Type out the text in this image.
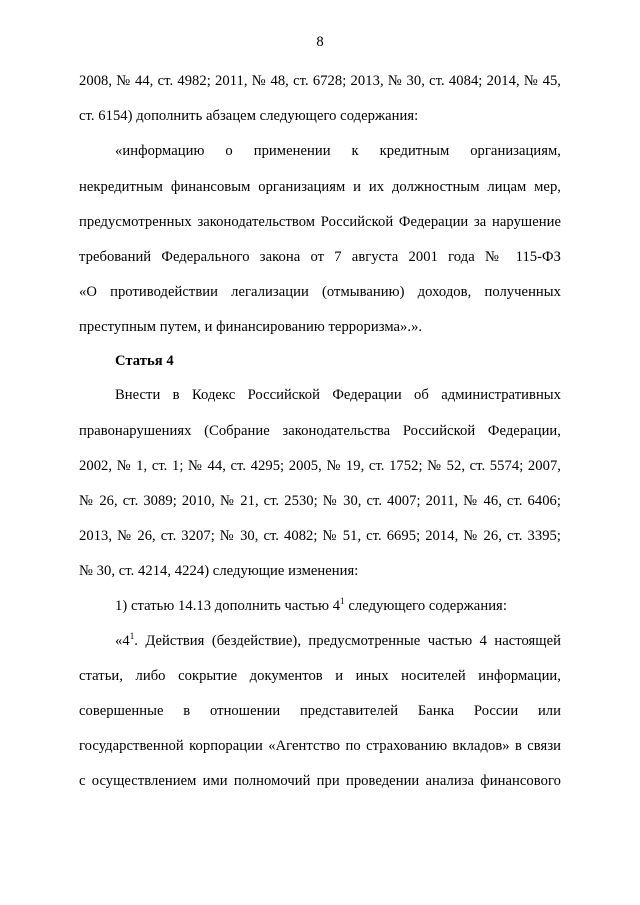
8
2008, № 44, ст. 4982; 2011, № 48, ст. 6728; 2013, № 30, ст. 4084; 2014, № 45,
ст. 6154) дополнить абзацем следующего содержания:
«информацию о применении к кредитным организациям,
некредитным финансовым организациям и их должностным лицам мер,
предусмотренных законодательством Российской Федерации за нарушение
требований Федерального закона от 7 августа 2001 года № 115-ФЗ
«О противодействии легализации (отмыванию) доходов, полученных
преступным путем, и финансированию терроризма».».
Статья 4
Внести в Кодекс Российской Федерации об административных
правонарушениях (Собрание законодательства Российской Федерации,
2002, № 1, ст. 1; № 44, ст. 4295; 2005, № 19, ст. 1752; № 52, ст. 5574; 2007,
№ 26, ст. 3089; 2010, № 21, ст. 2530; № 30, ст. 4007; 2011, № 46, ст. 6406;
2013, № 26, ст. 3207; № 30, ст. 4082; № 51, ст. 6695; 2014, № 26, ст. 3395;
№ 30, ст. 4214, 4224) следующие изменения:
1) статью 14.13 дополнить частью $4^1$ следующего содержания:
«$4^1$. Действия (бездействие), предусмотренные частью 4 настоящей
статьи, либо сокрытие документов и иных носителей информации,
совершенные в отношении представителей Банка России или
государственной корпорации «Агентство по страхованию вкладов» в связи
с осуществлением ими полномочий при проведении анализа финансового
